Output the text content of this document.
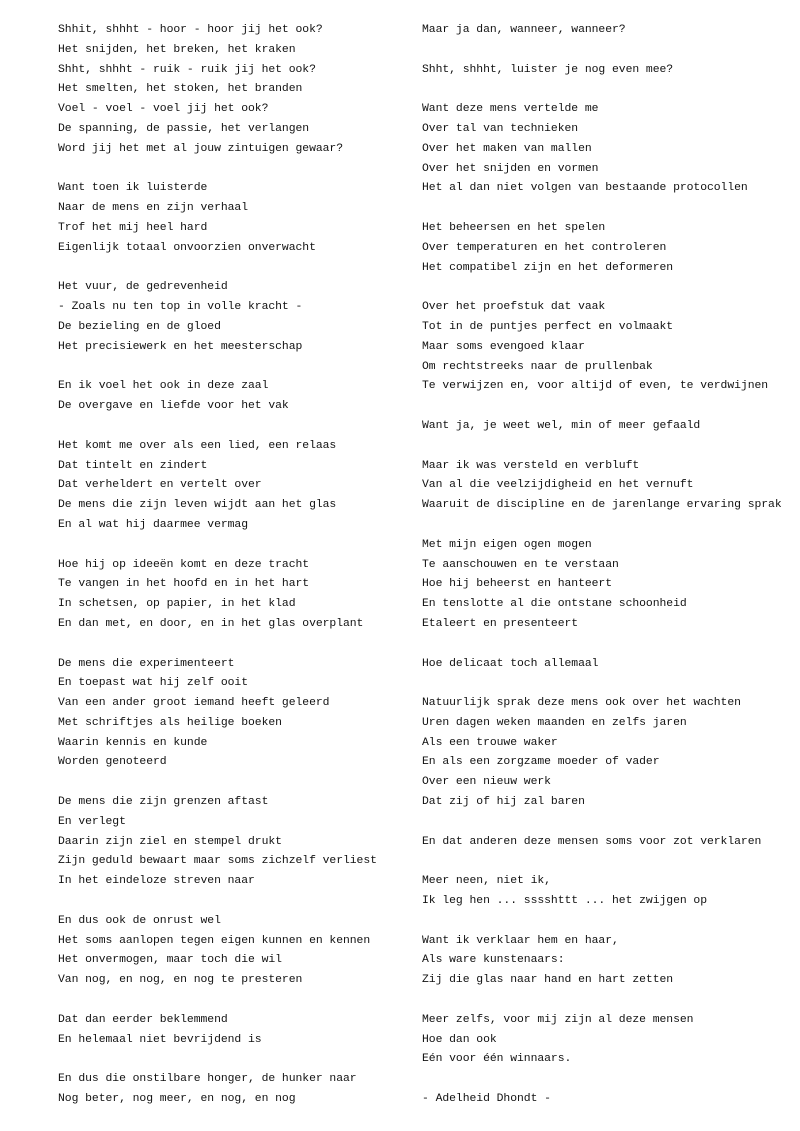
Shhit, shhht - hoor - hoor jij het ook?
Het snijden, het breken, het kraken
Shht, shhht - ruik - ruik jij het ook?
Het smelten, het stoken, het branden
Voel - voel - voel jij het ook?
De spanning, de passie, het verlangen
Word jij het met al jouw zintuigen gewaar?
Want toen ik luisterde
Naar de mens en zijn verhaal
Trof het mij heel hard
Eigenlijk totaal onvoorzien onverwacht
Het vuur, de gedrevenheid
- Zoals nu ten top in volle kracht -
De bezieling en de gloed
Het precisiewerk en het meesterschap
En ik voel het ook in deze zaal
De overgave en liefde voor het vak
Het komt me over als een lied, een relaas
Dat tintelt en zindert
Dat verheldert en vertelt over
De mens die zijn leven wijdt aan het glas
En al wat hij daarmee vermag
Hoe hij op ideeën komt en deze tracht
Te vangen in het hoofd en in het hart
In schetsen, op papier, in het klad
En dan met, en door, en in het glas overplant
De mens die experimenteert
En toepast wat hij zelf ooit
Van een ander groot iemand heeft geleerd
Met schriftjes als heilige boeken
Waarin kennis en kunde
Worden genoteerd
De mens die zijn grenzen aftast
En verlegt
Daarin zijn ziel en stempel drukt
Zijn geduld bewaart maar soms zichzelf verliest
In het eindeloze streven naar
En dus ook de onrust wel
Het soms aanlopen tegen eigen kunnen en kennen
Het onvermogen, maar toch die wil
Van nog, en nog, en nog te presteren
Dat dan eerder beklemmend
En helemaal niet bevrijdend is
En dus die onstilbare honger, de hunker naar
Nog beter, nog meer, en nog, en nog
Maar ja dan, wanneer, wanneer?
Shht, shhht, luister je nog even mee?
Want deze mens vertelde me
Over tal van technieken
Over het maken van mallen
Over het snijden en vormen
Het al dan niet volgen van bestaande protocollen
Het beheersen en het spelen
Over temperaturen en het controleren
Het compatibel zijn en het deformeren
Over het proefstuk dat vaak
Tot in de puntjes perfect en volmaakt
Maar soms evengoed klaar
Om rechtstreeks naar de prullenbak
Te verwijzen en, voor altijd of even, te verdwijnen
Want ja, je weet wel, min of meer gefaald
Maar ik was versteld en verbluft
Van al die veelzijdigheid en het vernuft
Waaruit de discipline en de jarenlange ervaring sprak
Met mijn eigen ogen mogen
Te aanschouwen en te verstaan
Hoe hij beheerst en hanteert
En tenslotte al die ontstane schoonheid
Etaleert en presenteert
Hoe delicaat toch allemaal
Natuurlijk sprak deze mens ook over het wachten
Uren dagen weken maanden en zelfs jaren
Als een trouwe waker
En als een zorgzame moeder of vader
Over een nieuw werk
Dat zij of hij zal baren
En dat anderen deze mensen soms voor zot verklaren
Meer neen, niet ik,
Ik leg hen ... sssshttt ... het zwijgen op
Want ik verklaar hem en haar,
Als ware kunstenaars:
Zij die glas naar hand en hart zetten
Meer zelfs, voor mij zijn al deze mensen
Hoe dan ook
Eén voor één winnaars.
- Adelheid Dhondt -
